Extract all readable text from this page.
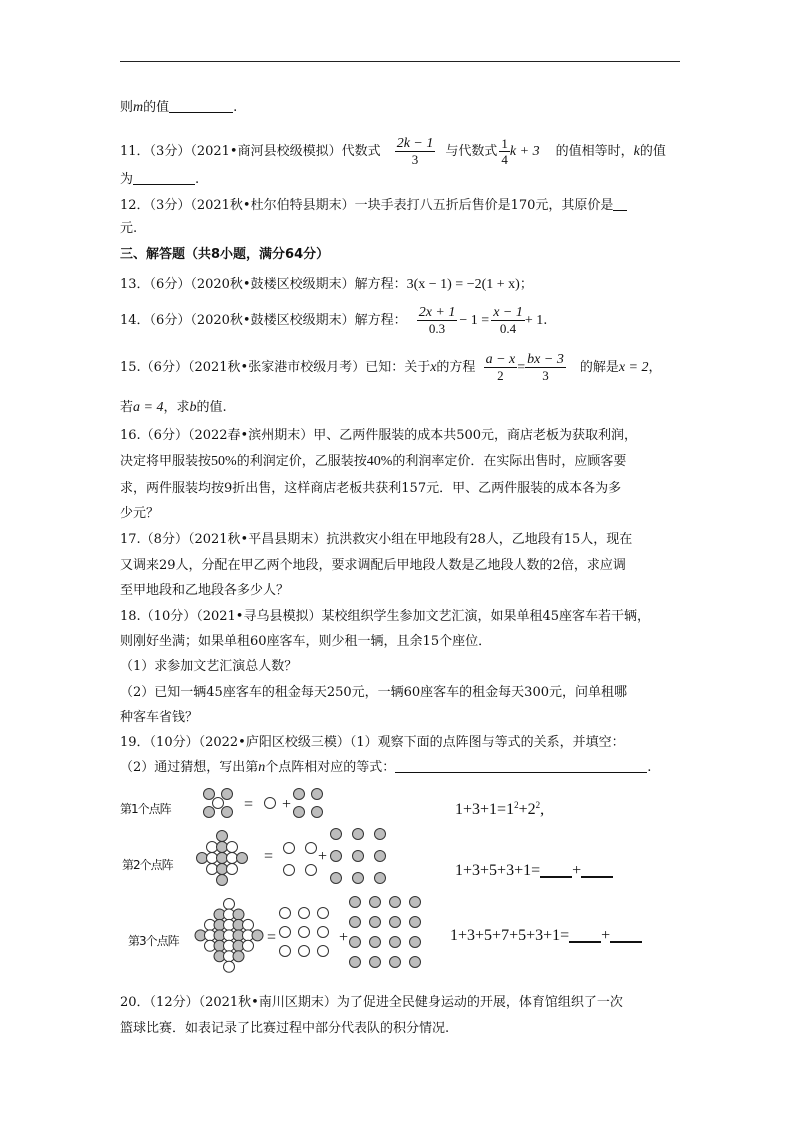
则m的值	.
11．（3分）（2021•商河县校级模拟）代数式 $\frac{2k - 1}{3}$ 与代数式 $\frac{1}{4}$ k + 3 的值相等时，k的值
为	.
12．（3分）（2021秋•杜尔伯特县期末）一块手表打八五折后售价是170元，其原价是
元.
三、解答题（共8小题，满分64分）
13．（6分）（2020秋•鼓楼区校级期末）解方程：3(x − 1) = −2(1 + x)；
14．（6分）（2020秋•鼓楼区校级期末）解方程： $\frac{2x + 1}{0.3} - 1 = \frac{x - 1}{0.4} + 1$.
15.（6分）（2021秋•张家港市校级月考）已知：关于x的方程 $\frac{a - x}{2} = \frac{bx - 3}{3}$ 的解是x = 2，
若a = 4，求b的值.
16.（6分）（2022春•滨州期末）甲、乙两件服装的成本共500元，商店老板为获取利润，
决定将甲服装按50%的利润定价，乙服装按40%的利润率定价．在实际出售时，应顾客要
求，两件服装均按9折出售，这样商店老板共获利157元．甲、乙两件服装的成本各为多
少元？
17.（8分）（2021秋•平昌县期末）抗洪救灾小组在甲地段有28人，乙地段有15人，现在
又调来29人，分配在甲乙两个地段，要求调配后甲地段人数是乙地段人数的2倍，求应调
至甲地段和乙地段各多少人？
18.（10分）（2021•寻乌县模拟）某校组织学生参加文艺汇演，如果单租45座客车若干辆，
则刚好坐满；如果单租60座客车，则少租一辆，且余15个座位．
（1）求参加文艺汇演总人数？
（2）已知一辆45座客车的租金每天250元，一辆60座客车的租金每天300元，问单租哪
种客车省钱？
19．（10分）（2022•庐阳区校级三模）（1）观察下面的点阵图与等式的关系，并填空：
（2）通过猜想，写出第n个点阵相对应的等式：	.
第1个点阵
第2个点阵
第3个点阵
= +
=	+
=	+
$1+3+1=1^2+2^2$,
1+3+5+3+1= +
1+3+5+7+5+3+1= +
20．（12分）（2021秋•南川区期末）为了促进全民健身运动的开展，体育馆组织了一次
篮球比赛．如表记录了比赛过程中部分代表队的积分情况.
